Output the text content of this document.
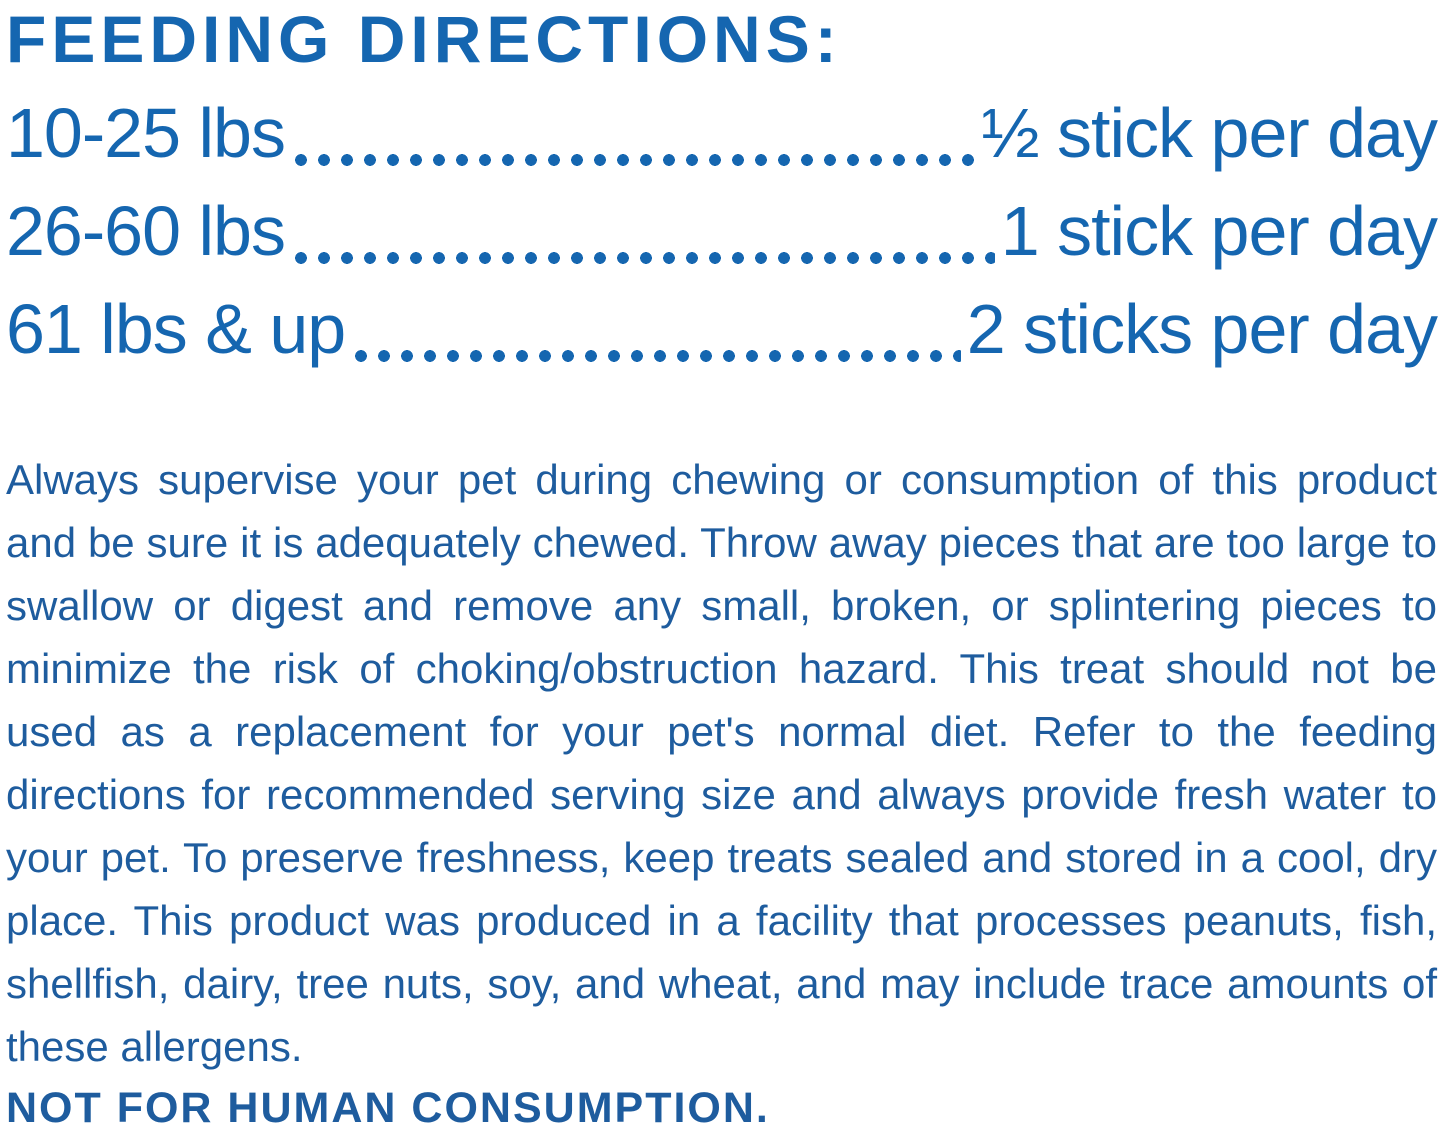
FEEDING DIRECTIONS:
10-25 lbs	½ stick per day
26-60 lbs	1 stick per day
61 lbs & up	2 sticks per day

Always supervise your pet during chewing or consumption of this product and be sure it is adequately chewed. Throw away pieces that are too large to swallow or digest and remove any small, broken, or splintering pieces to minimize the risk of choking/obstruction hazard. This treat should not be used as a replacement for your pet's normal diet. Refer to the feeding directions for recommended serving size and always provide fresh water to your pet. To preserve freshness, keep treats sealed and stored in a cool, dry place. This product was produced in a facility that processes peanuts, fish, shellfish, dairy, tree nuts, soy, and wheat, and may include trace amounts of these allergens.

NOT FOR HUMAN CONSUMPTION.
